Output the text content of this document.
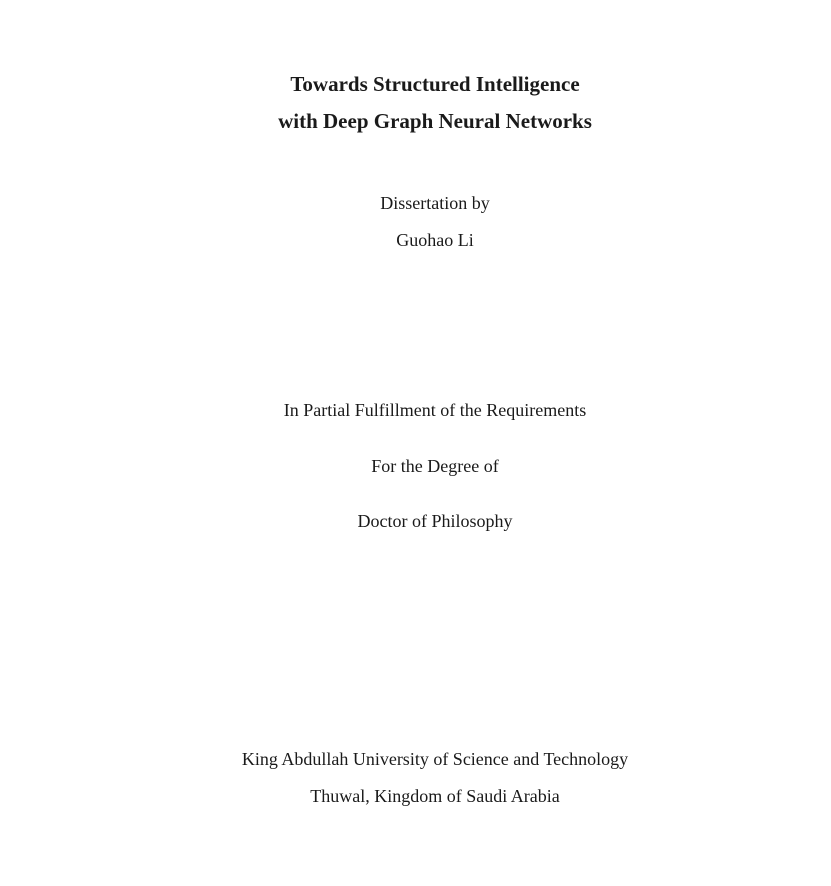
Towards Structured Intelligence
with Deep Graph Neural Networks
Dissertation by
Guohao Li
In Partial Fulfillment of the Requirements
For the Degree of
Doctor of Philosophy
King Abdullah University of Science and Technology
Thuwal, Kingdom of Saudi Arabia
